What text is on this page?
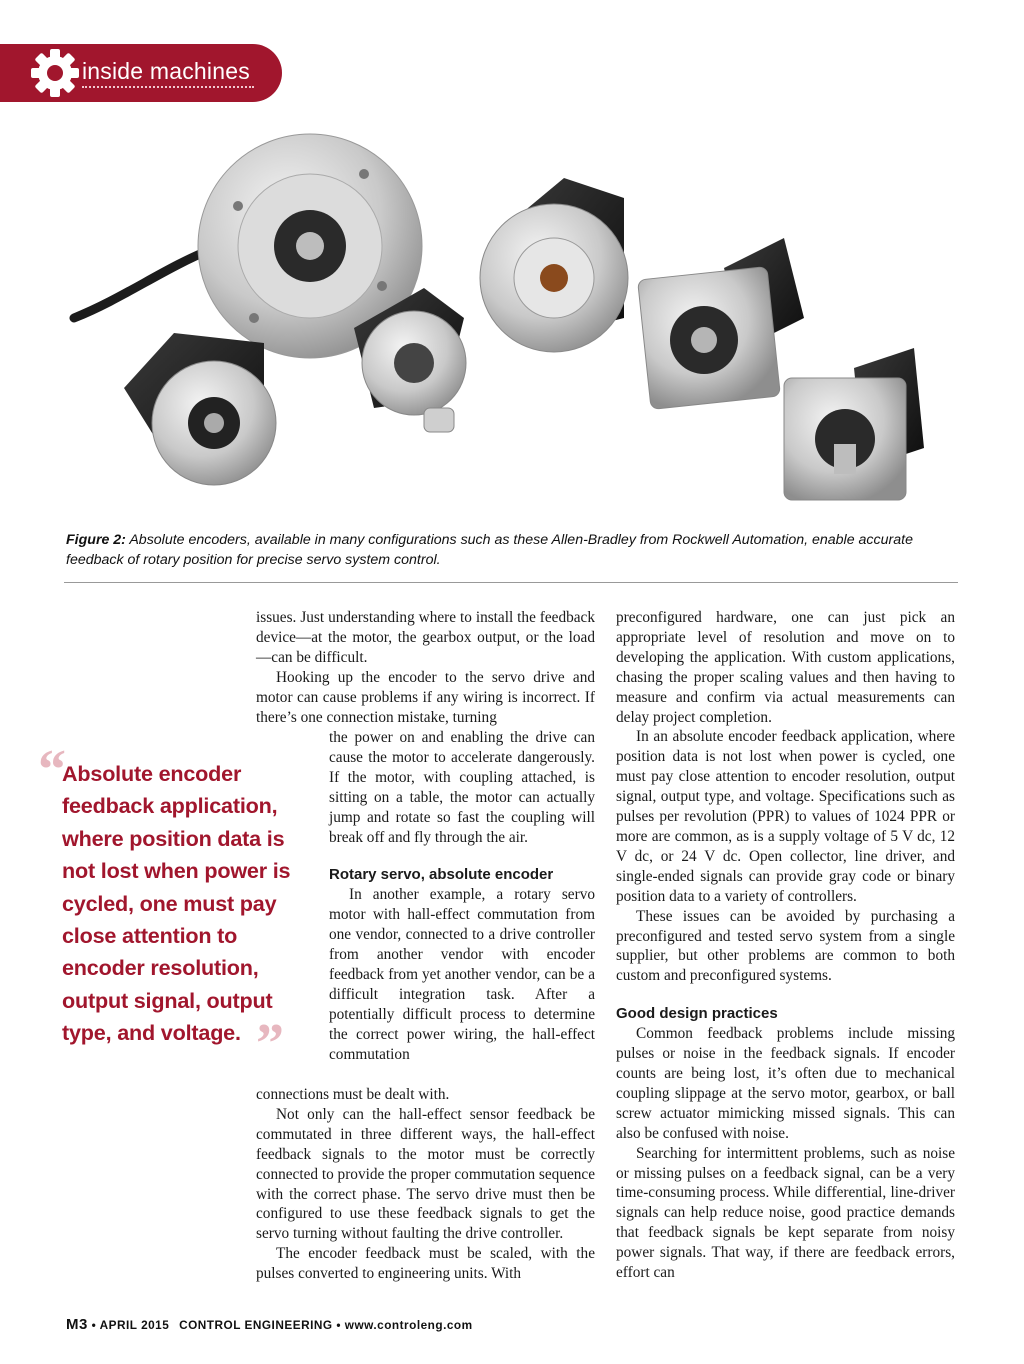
inside machines
Figure 2: Absolute encoders, available in many configurations such as these Allen-Bradley from Rockwell Automation, enable accurate feedback of rotary position for precise servo system control.
“
Absolute encoder feedback application, where position data is not lost when power is cycled, one must pay close attention to encoder resolution, output signal, output type, and voltage. ”

issues. Just understanding where to install the feedback device—at the motor, the gearbox output, or the load—can be difficult.

Hooking up the encoder to the servo drive and motor can cause problems if any wiring is incorrect. If there’s one connection mistake, turning

the power on and enabling the drive can cause the motor to accelerate dangerously. If the motor, with coupling attached, is sitting on a table, the motor can actually jump and rotate so fast the coupling will break off and fly through the air.

Rotary servo, absolute encoder

In another example, a rotary servo motor with hall-effect commutation from one vendor, connected to a drive controller from another vendor with encoder feedback from yet another vendor, can be a difficult integration task. After a potentially difficult process to determine the correct power wiring, the hall-effect commutation

connections must be dealt with.

Not only can the hall-effect sensor feedback be commutated in three different ways, the hall-effect feedback signals to the motor must be correctly connected to provide the proper commutation sequence with the correct phase. The servo drive must then be configured to use these feedback signals to get the servo turning without faulting the drive controller.

The encoder feedback must be scaled, with the pulses converted to engineering units. With

preconfigured hardware, one can just pick an appropriate level of resolution and move on to developing the application. With custom applications, chasing the proper scaling values and then having to measure and confirm via actual measurements can delay project completion.

In an absolute encoder feedback application, where position data is not lost when power is cycled, one must pay close attention to encoder resolution, output signal, output type, and voltage. Specifications such as pulses per revolution (PPR) to values of 1024 PPR or more are common, as is a supply voltage of 5 V dc, 12 V dc, or 24 V dc. Open collector, line driver, and single-ended signals can provide gray code or binary position data to a variety of controllers.

These issues can be avoided by purchasing a preconfigured and tested servo system from a single supplier, but other problems are common to both custom and preconfigured systems.

Good design practices

Common feedback problems include missing pulses or noise in the feedback signals. If encoder counts are being lost, it’s often due to mechanical coupling slippage at the servo motor, gearbox, or ball screw actuator mimicking missed signals. This can also be confused with noise.

Searching for intermittent problems, such as noise or missing pulses on a feedback signal, can be a very time-consuming process. While differential, line-driver signals can help reduce noise, good practice demands that feedback signals be kept separate from noisy power signals. That way, if there are feedback errors, effort can

M3 • APRIL 2015 CONTROL ENGINEERING • www.controleng.com
